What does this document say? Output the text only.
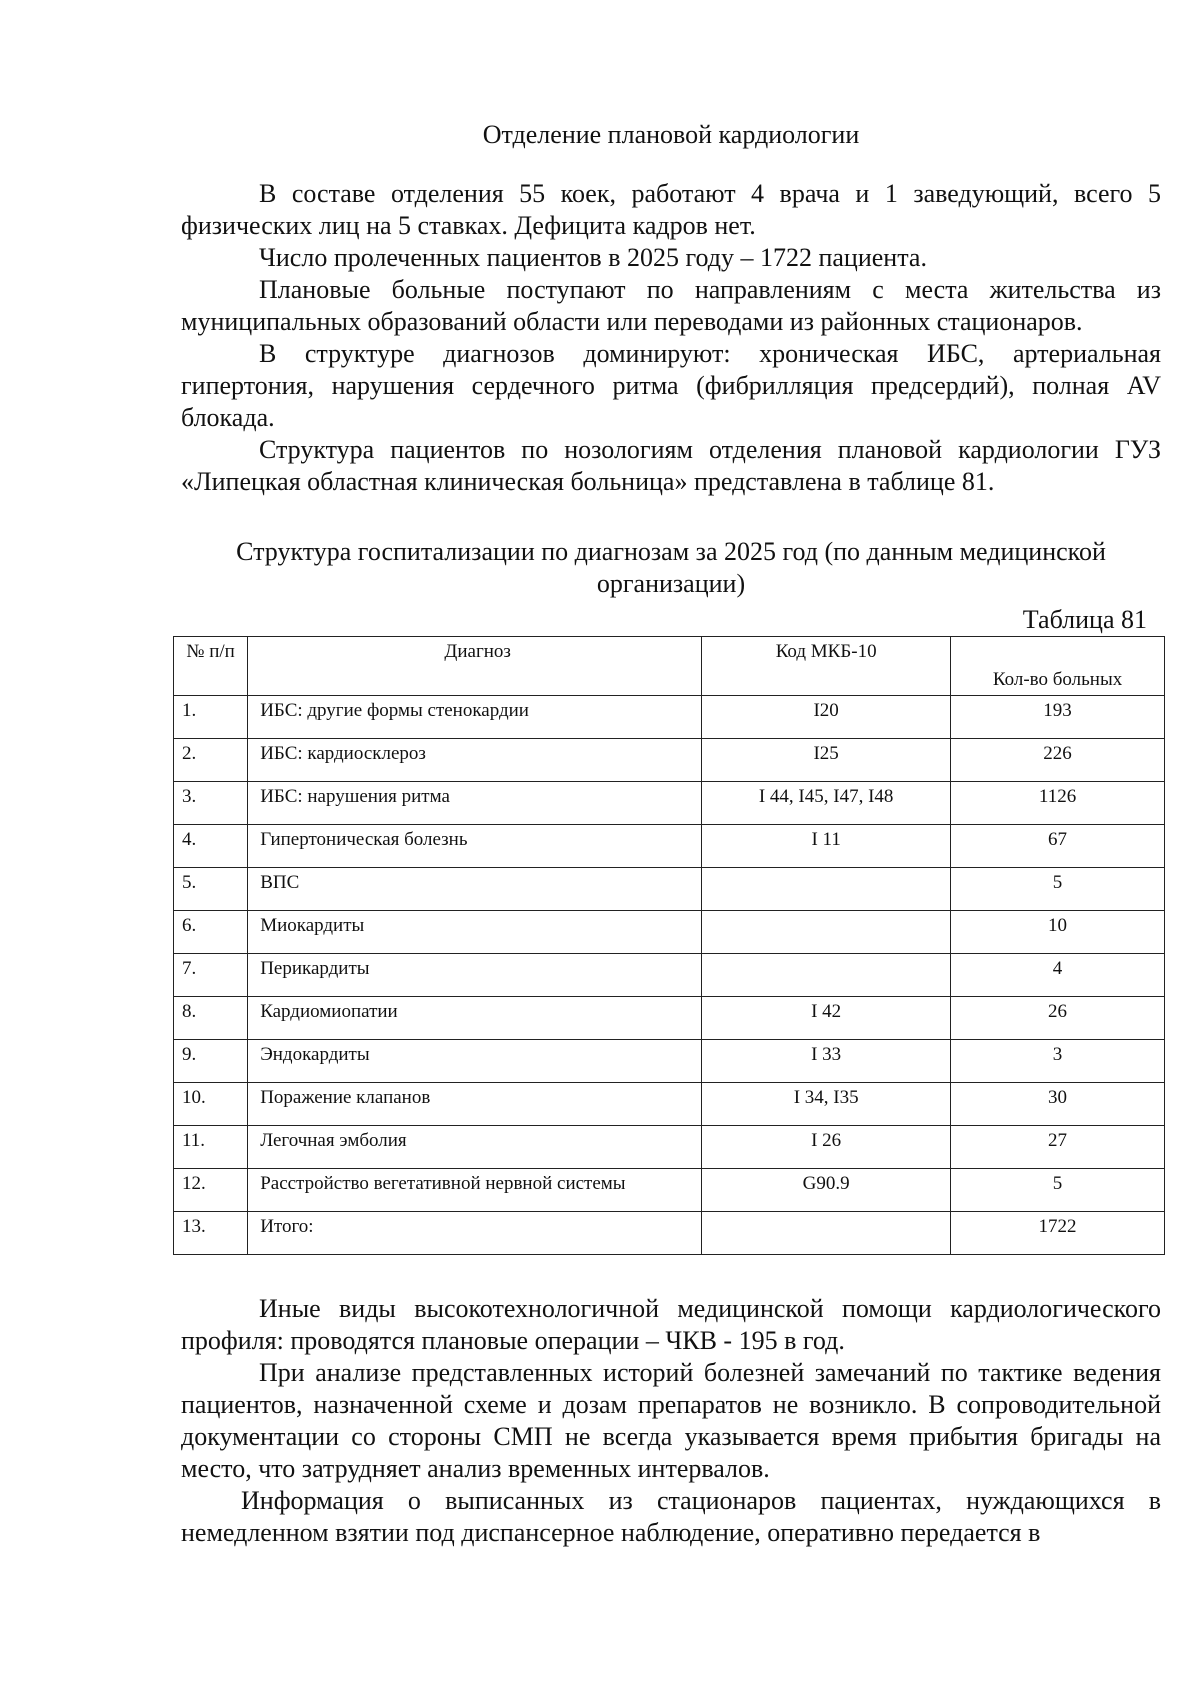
Отделение плановой кардиологии

В составе отделения 55 коек, работают 4 врача и 1 заведующий, всего 5 физических лиц на 5 ставках. Дефицита кадров нет.

Число пролеченных пациентов в 2025 году – 1722 пациента.

Плановые больные поступают по направлениям с места жительства из муниципальных образований области или переводами из районных стационаров.

В структуре диагнозов доминируют: хроническая ИБС, артериальная гипертония, нарушения сердечного ритма (фибрилляция предсердий), полная AV блокада.

Структура пациентов по нозологиям отделения плановой кардиологии ГУЗ «Липецкая областная клиническая больница» представлена в таблице 81.

Структура госпитализации по диагнозам за 2025 год (по данным медицинской организации)

Таблица 81

№ п/п	Диагноз	Код МКБ-10	Кол-во больных
1.	ИБС: другие формы стенокардии	I20	193
2.	ИБС: кардиосклероз	I25	226
3.	ИБС: нарушения ритма	I 44, I45, I47, I48	1126
4.	Гипертоническая болезнь	I 11	67
5.	ВПС		5
6.	Миокардиты		10
7.	Перикардиты		4
8.	Кардиомиопатии	I 42	26
9.	Эндокардиты	I 33	3
10.	Поражение клапанов	I 34, I35	30
11.	Легочная эмболия	I 26	27
12.	Расстройство вегетативной нервной системы	G90.9	5
13.	Итого:		1722

Иные виды высокотехнологичной медицинской помощи кардиологического профиля: проводятся плановые операции – ЧКВ - 195 в год.

При анализе представленных историй болезней замечаний по тактике ведения пациентов, назначенной схеме и дозам препаратов не возникло. В сопроводительной документации со стороны СМП не всегда указывается время прибытия бригады на место, что затрудняет анализ временных интервалов.

Информация о выписанных из стационаров пациентах, нуждающихся в немедленном взятии под диспансерное наблюдение, оперативно передается в
